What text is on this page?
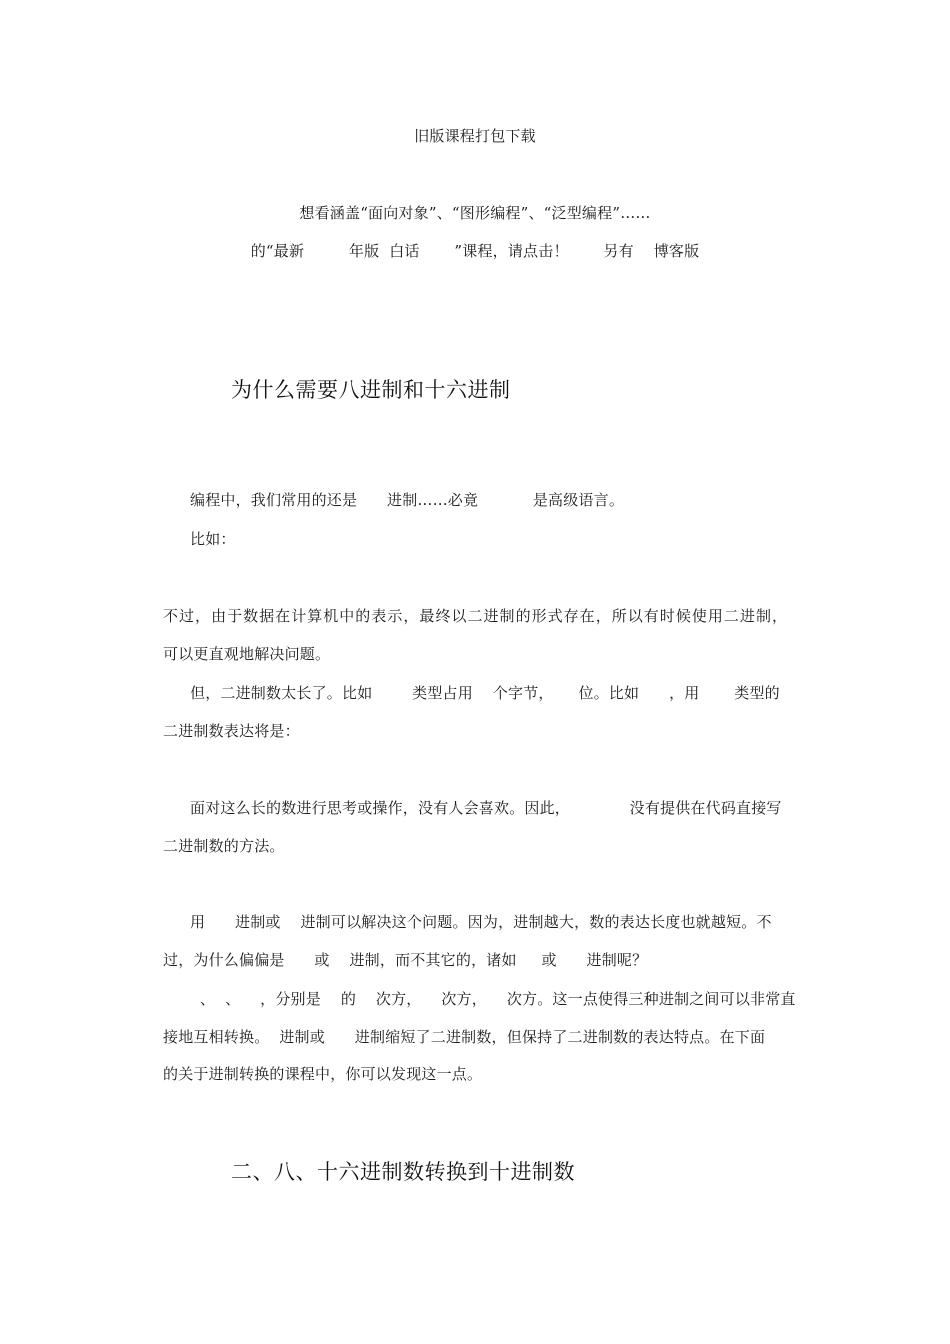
旧版课程打包下载
想看涵盖“面向对象”、“图形编程”、“泛型编程”……
的“最新         年版  白话       ”课程，请点击！       另有    博客版
为什么需要八进制和十六进制
编程中，我们常用的还是      进制……必竟           是高级语言。
比如：
不过，由于数据在计算机中的表示，最终以二进制的形式存在，所以有时候使用二进制，
可以更直观地解决问题。
但，二进制数太长了。比如        类型占用    个字节，     位。比如      ，用       类型的
二进制数表达将是：
面对这么长的数进行思考或操作，没有人会喜欢。因此，            没有提供在代码直接写
二进制数的方法。
用      进制或    进制可以解决这个问题。因为，进制越大，数的表达长度也就越短。不
过，为什么偏偏是      或    进制，而不其它的，诸如     或      进制呢？
、  、    ，分别是    的    次方，    次方，    次方。这一点使得三种进制之间可以非常直
接地互相转换。  进制或      进制缩短了二进制数，但保持了二进制数的表达特点。在下面
的关于进制转换的课程中，你可以发现这一点。
二、八、十六进制数转换到十进制数
